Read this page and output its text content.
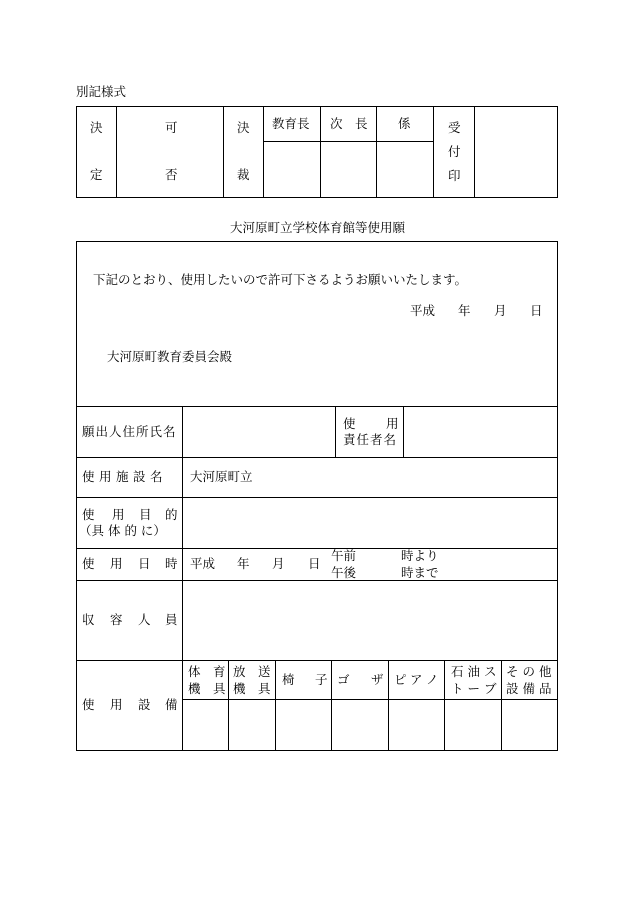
別記様式
決
定
可
否
決
裁
教育長 次　長 係	受
付
印
大河原町立学校体育館等使用願
下記のとおり、使用したいので許可下さるようお願いいたします。
平成 年 月 日
大河原町教育委員会殿
願出人住所氏名
使 用
責任者名
使用施設名 大河原町立
使 用 目 的
（具 体 的 に）
使 用 日 時 平成 年 月 日
午前
午後
時より
時まで
収 容 人 員
使 用 設 備
体　育
機　具
放　送
機　具
椅 子 ゴ ザ ピ ア ノ
石 油 ス
ト ー ブ
そ の 他
設 備 品
